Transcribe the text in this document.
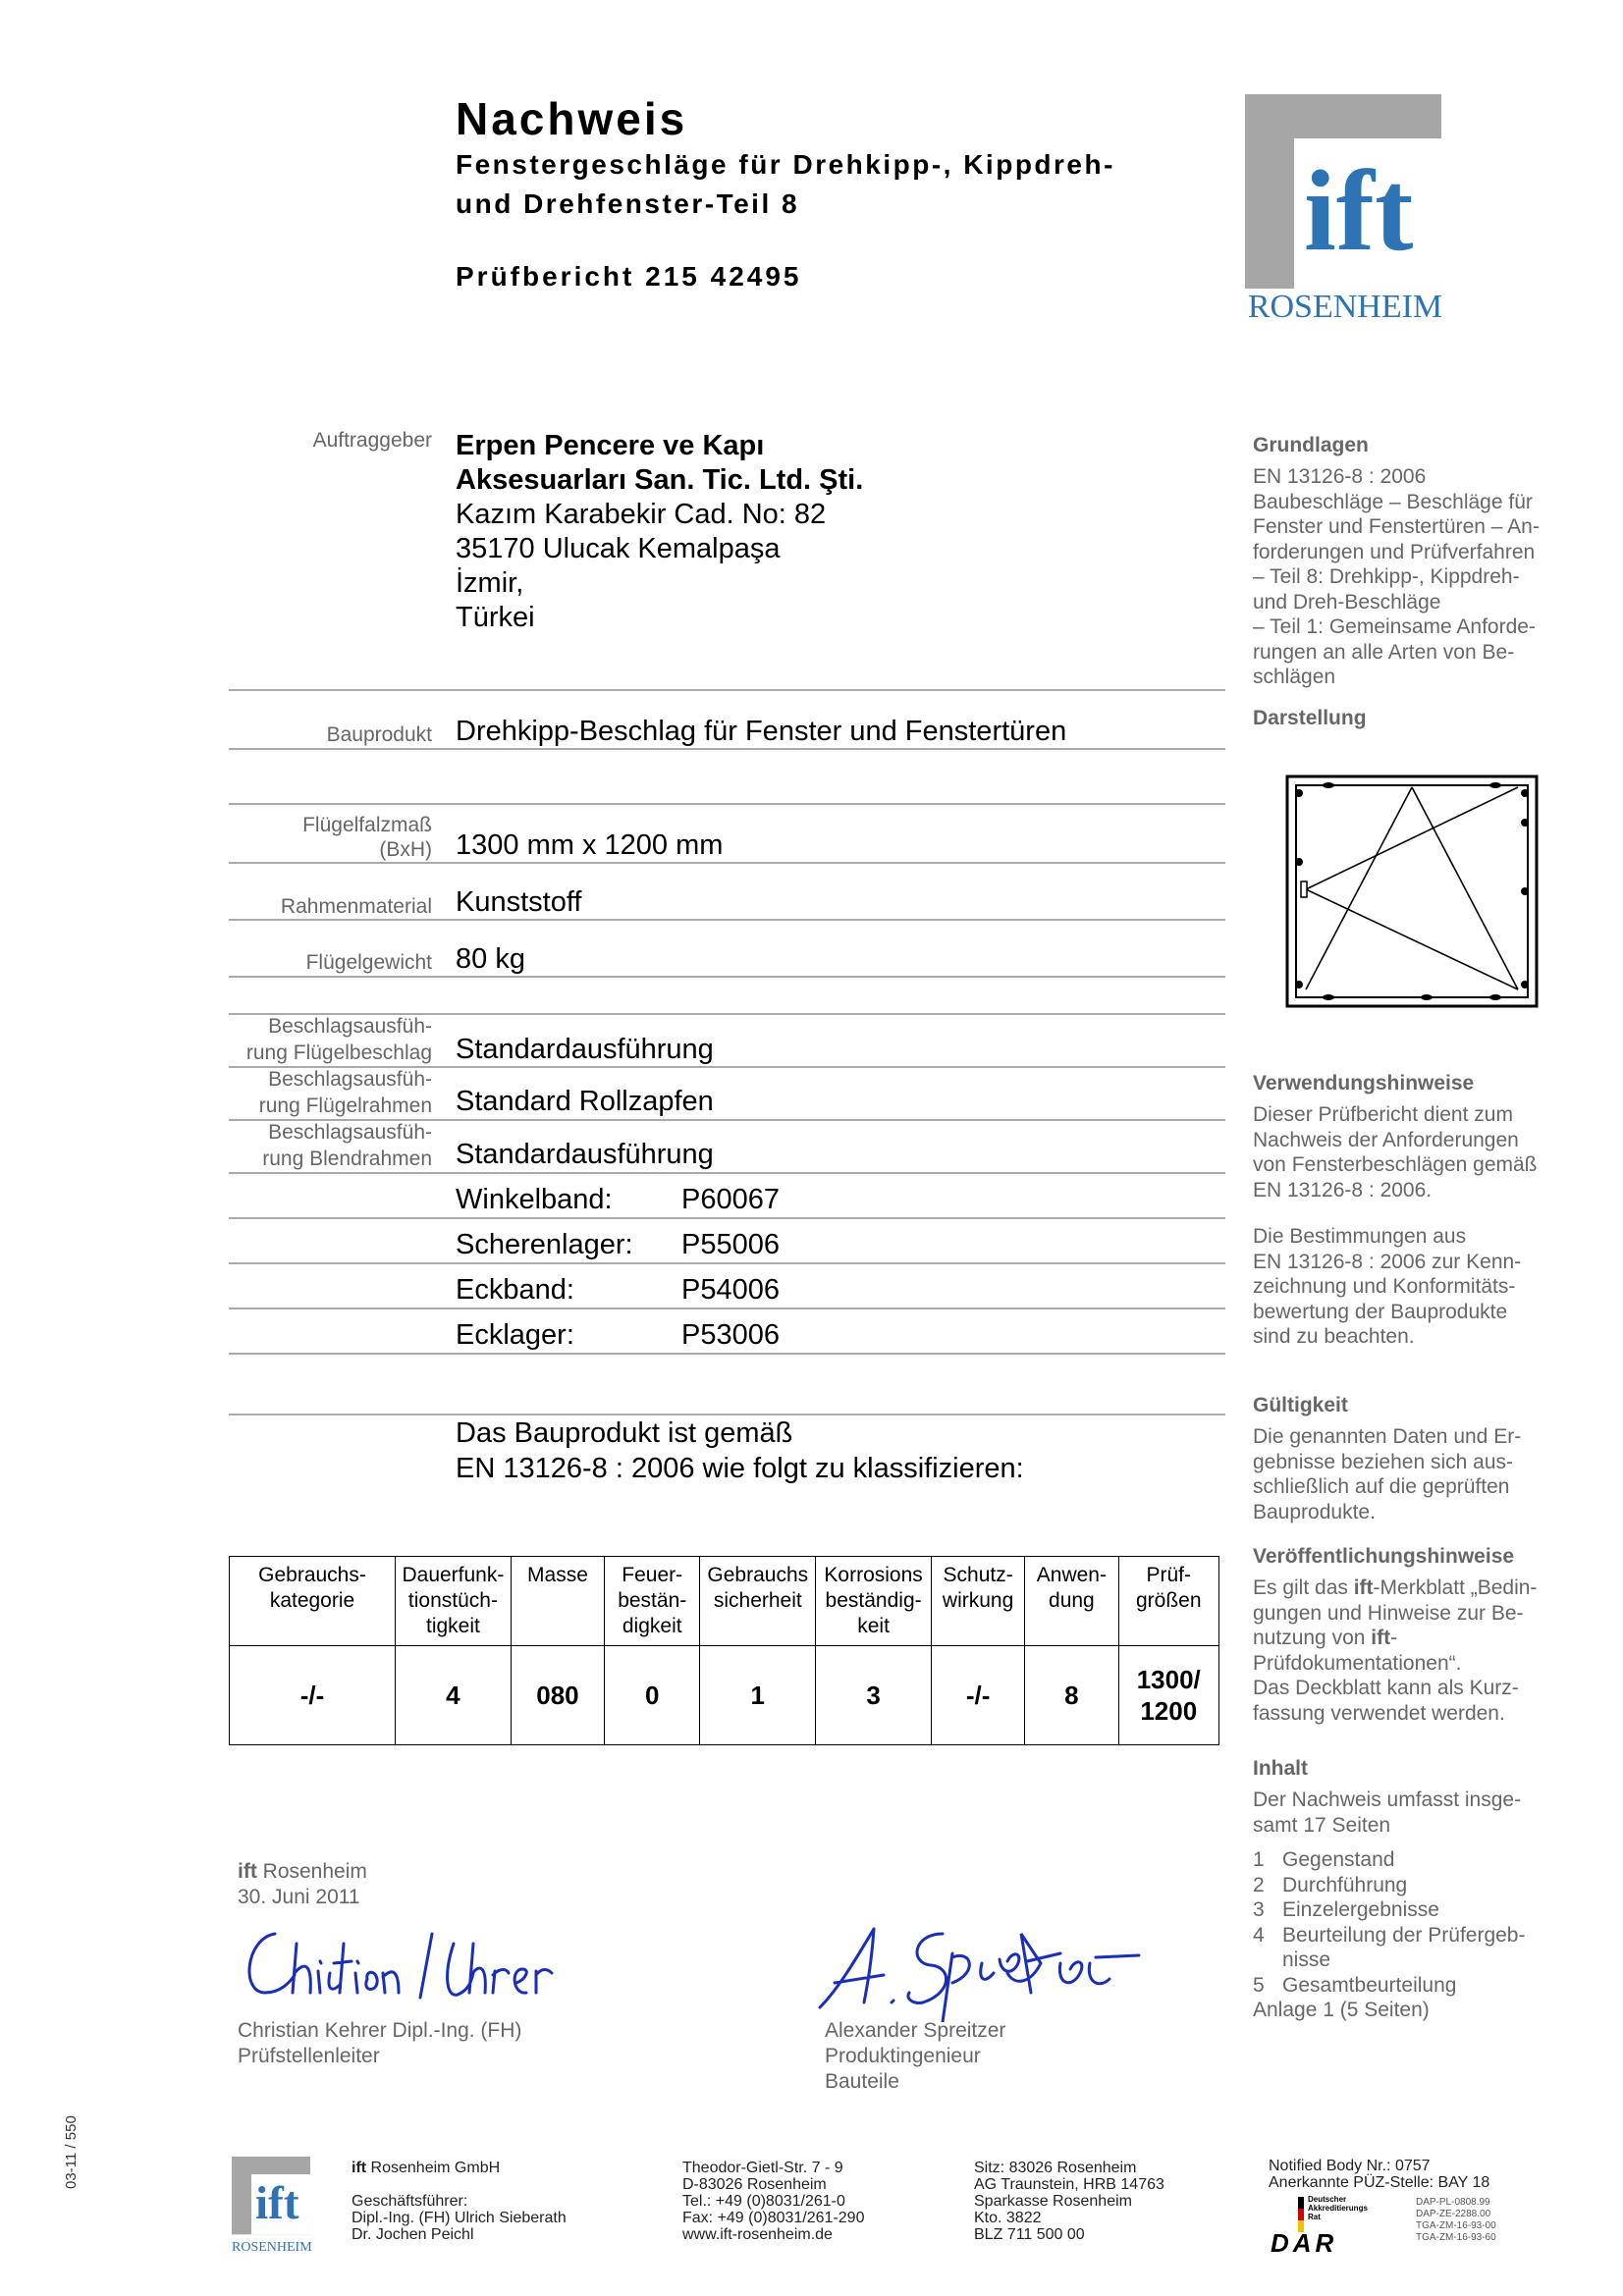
Nachweis
Fenstergeschläge für Drehkipp-, Kippdreh-
und Drehfenster-Teil 8
Prüfbericht 215 42495
ift
ROSENHEIM
Auftraggeber Erpen Pencere ve Kapı
Aksesuarları San. Tic. Ltd. Şti.
Kazım Karabekir Cad. No: 82
35170 Ulucak Kemalpaşa
İzmir,
Türkei
Bauprodukt Drehkipp-Beschlag für Fenster und Fenstertüren
Flügelfalzmaß
(BxH) 1300 mm x 1200 mm
Rahmenmaterial Kunststoff
Flügelgewicht 80 kg
Beschlagsausfüh-
rung Flügelbeschlag Standardausführung
Beschlagsausfüh-
rung Flügelrahmen Standard Rollzapfen
Beschlagsausfüh-
rung Blendrahmen Standardausführung
Winkelband: P60067
Scherenlager: P55006
Eckband:	P54006
Ecklager:	P53006
Das Bauprodukt ist gemäß
EN 13126-8 : 2006 wie folgt zu klassifizieren:
Gebrauchs-
kategorie	Dauerfunk-
tionstüch-
tigkeit	Masse	Feuer-
bestän-
digkeit	Gebrauchs
sicherheit	Korrosions
beständig-
keit	Schutz-
wirkung	Anwen-
dung	Prüf-
größen
-/-	4	080	0	1	3	-/-	8	1300/ 1200
Grundlagen
EN 13126-8 : 2006
Baubeschläge – Beschläge für
Fenster und Fenstertüren – An-
forderungen und Prüfverfahren
– Teil 8: Drehkipp-, Kippdreh-
und Dreh-Beschläge
– Teil 1: Gemeinsame Anforde-
rungen an alle Arten von Be-
schlägen
Darstellung
Verwendungshinweise
Dieser Prüfbericht dient zum
Nachweis der Anforderungen
von Fensterbeschlägen gemäß
EN 13126-8 : 2006.
Die Bestimmungen aus
EN 13126-8 : 2006 zur Kenn-
zeichnung und Konformitäts-
bewertung der Bauprodukte
sind zu beachten.
Gültigkeit
Die genannten Daten und Er-
gebnisse beziehen sich aus-
schließlich auf die geprüften
Bauprodukte.
Veröffentlichungshinweise
Es gilt das ift-Merkblatt „Bedin-
gungen und Hinweise zur Be-
nutzung von ift-
Prüfdokumentationen“.
Das Deckblatt kann als Kurz-
fassung verwendet werden.
Inhalt
Der Nachweis umfasst insge-
samt 17 Seiten
1 Gegenstand
2 Durchführung
3 Einzelergebnisse
4 Beurteilung der Prüfergeb-
nisse
5 Gesamtbeurteilung
Anlage 1 (5 Seiten)
ift Rosenheim
30. Juni 2011
Christian Kehrer Dipl.-Ing. (FH)
Prüfstellenleiter
Alexander Spreitzer
Produktingenieur
Bauteile
03-11 / 550
ift
ROSENHEIM
ift Rosenheim GmbH
Geschäftsführer:
Dipl.-Ing. (FH) Ulrich Sieberath
Dr. Jochen Peichl
Theodor-Gietl-Str. 7 - 9
D-83026 Rosenheim
Tel.: +49 (0)8031/261-0
Fax: +49 (0)8031/261-290
www.ift-rosenheim.de
Sitz: 83026 Rosenheim
AG Traunstein, HRB 14763
Sparkasse Rosenheim
Kto. 3822
BLZ 711 500 00
Notified Body Nr.: 0757
Anerkannte PÜZ-Stelle: BAY 18
Deutscher
Akkreditierungs
Rat
DAR
DAP-PL-0808.99
DAP-ZE-2288.00
TGA-ZM-16-93-00
TGA-ZM-16-93-60
